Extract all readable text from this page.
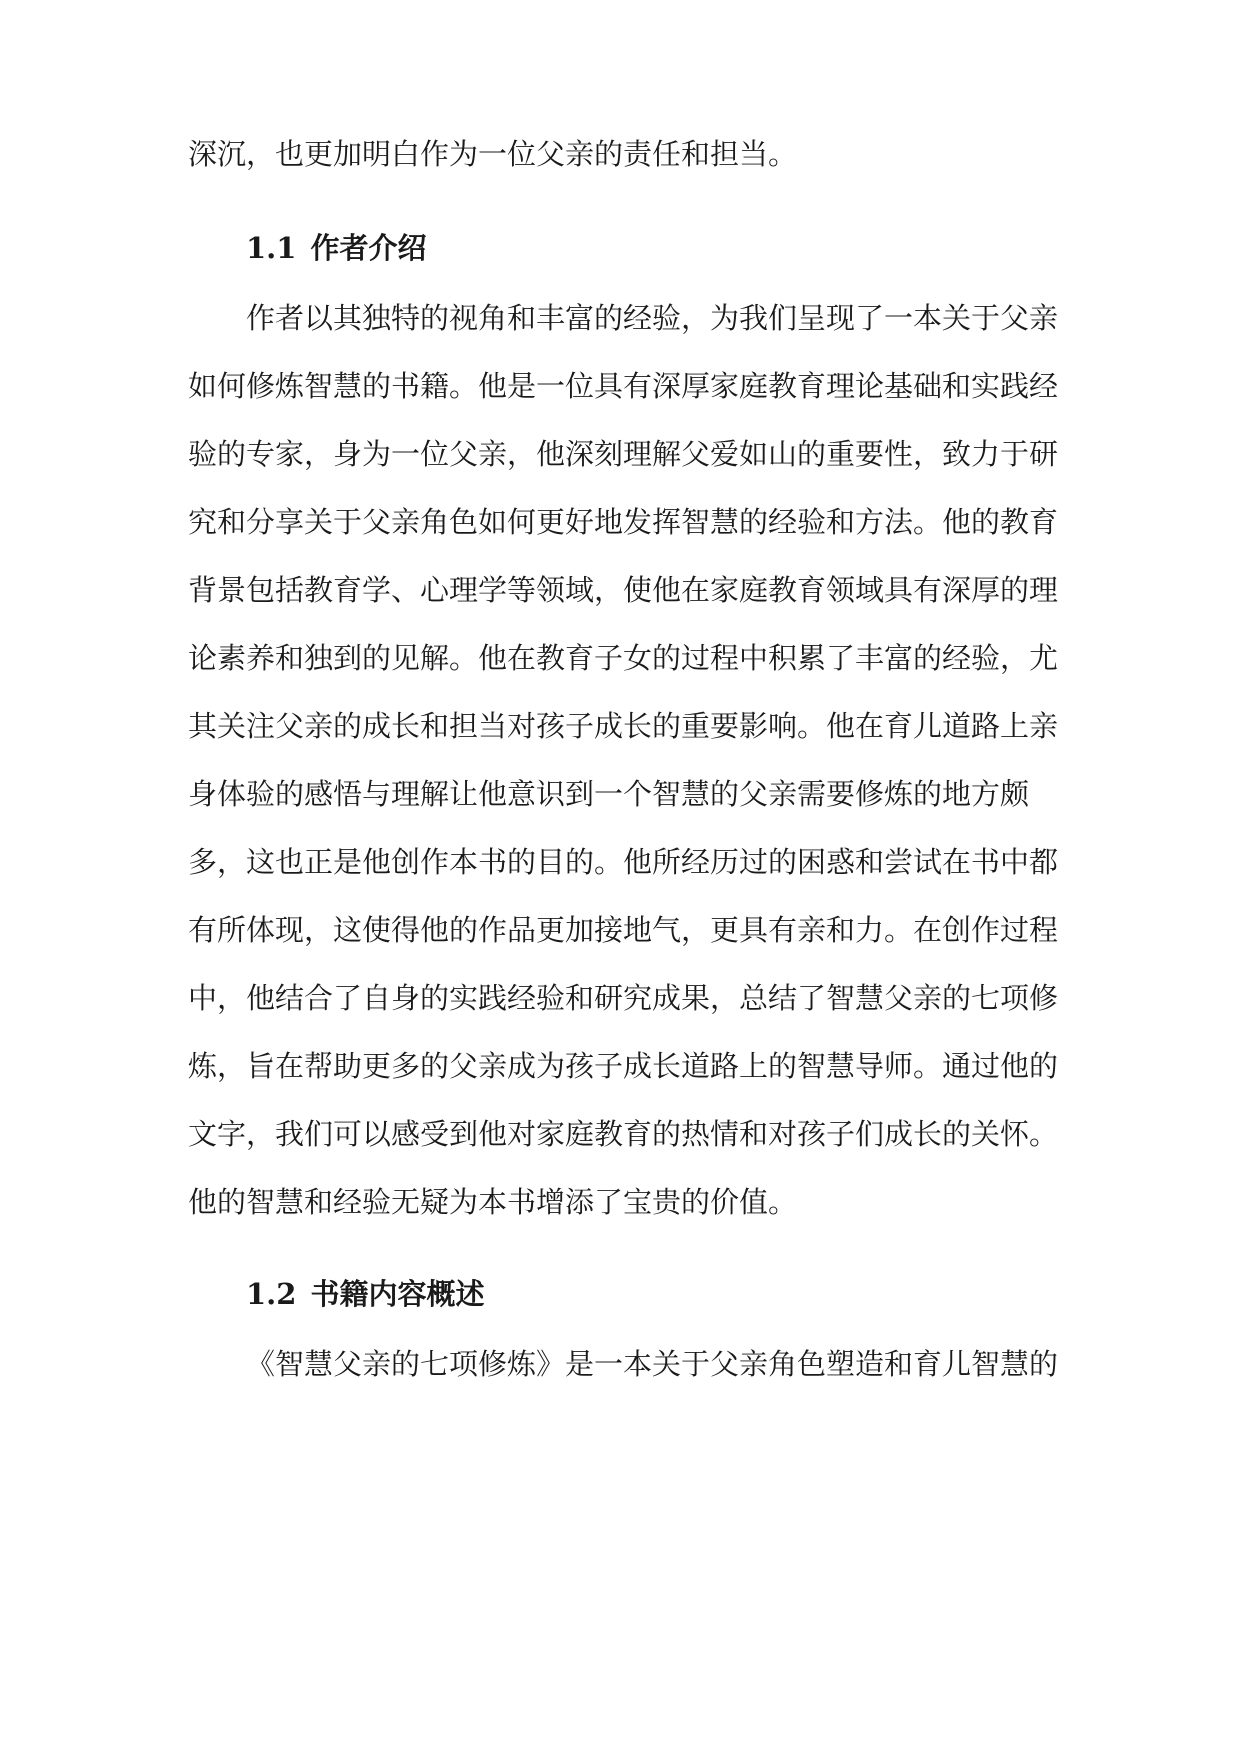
深沉，也更加明白作为一位父亲的责任和担当。
1.1 作者介绍
作者以其独特的视角和丰富的经验，为我们呈现了一本关于父亲
如何修炼智慧的书籍。他是一位具有深厚家庭教育理论基础和实践经
验的专家，身为一位父亲，他深刻理解父爱如山的重要性，致力于研
究和分享关于父亲角色如何更好地发挥智慧的经验和方法。他的教育
背景包括教育学、心理学等领域，使他在家庭教育领域具有深厚的理
论素养和独到的见解。他在教育子女的过程中积累了丰富的经验，尤
其关注父亲的成长和担当对孩子成长的重要影响。他在育儿道路上亲
身体验的感悟与理解让他意识到一个智慧的父亲需要修炼的地方颇
多，这也正是他创作本书的目的。他所经历过的困惑和尝试在书中都
有所体现，这使得他的作品更加接地气，更具有亲和力。在创作过程
中，他结合了自身的实践经验和研究成果，总结了智慧父亲的七项修
炼，旨在帮助更多的父亲成为孩子成长道路上的智慧导师。通过他的
文字，我们可以感受到他对家庭教育的热情和对孩子们成长的关怀。
他的智慧和经验无疑为本书增添了宝贵的价值。
1.2 书籍内容概述
《智慧父亲的七项修炼》是一本关于父亲角色塑造和育儿智慧的
